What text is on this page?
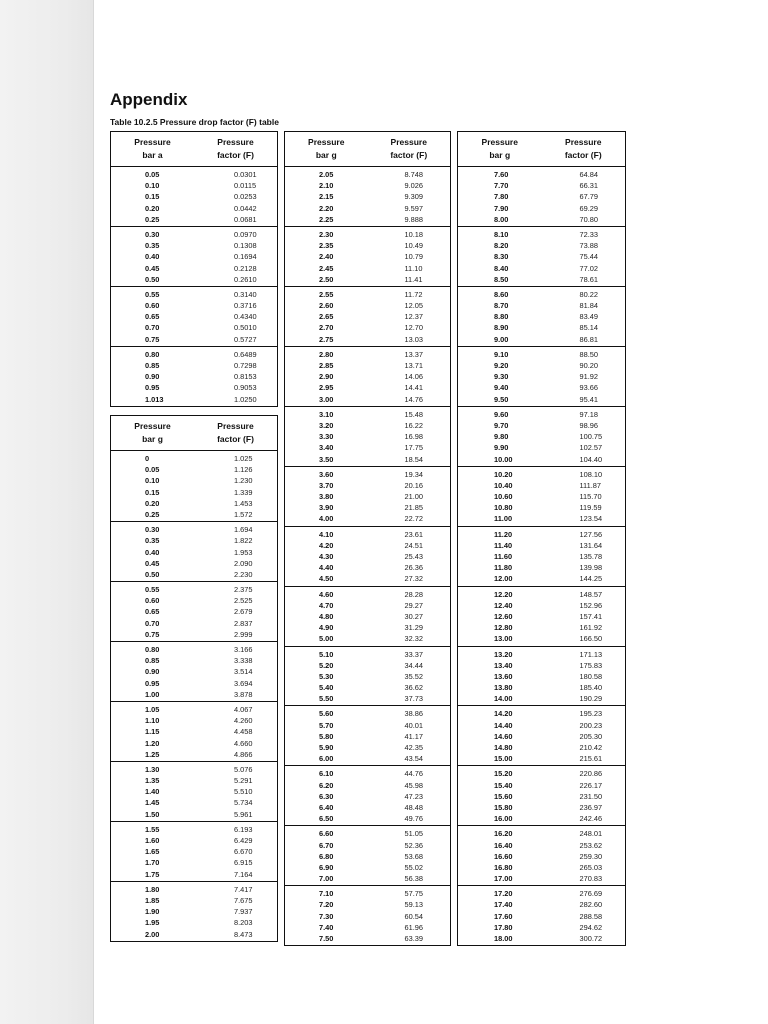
Appendix
Table 10.2.5 Pressure drop factor (F) table
Pressure
bar a
Pressure
factor (F)
0.05	0.0301
0.10	0.0115
0.15	0.0253
0.20	0.0442
0.25	0.0681
0.30	0.0970
0.35	0.1308
0.40	0.1694
0.45	0.2128
0.50	0.2610
0.55	0.3140
0.60	0.3716
0.65	0.4340
0.70	0.5010
0.75	0.5727
0.80	0.6489
0.85	0.7298
0.90	0.8153
0.95	0.9053
1.013	1.0250
Pressure
bar g
Pressure
factor (F)
0	1.025
0.05	1.126
0.10	1.230
0.15	1.339
0.20	1.453
0.25	1.572
0.30	1.694
0.35	1.822
0.40	1.953
0.45	2.090
0.50	2.230
0.55	2.375
0.60	2.525
0.65	2.679
0.70	2.837
0.75	2.999
0.80	3.166
0.85	3.338
0.90	3.514
0.95	3.694
1.00	3.878
1.05	4.067
1.10	4.260
1.15	4.458
1.20	4.660
1.25	4.866
1.30	5.076
1.35	5.291
1.40	5.510
1.45	5.734
1.50	5.961
1.55	6.193
1.60	6.429
1.65	6.670
1.70	6.915
1.75	7.164
1.80	7.417
1.85	7.675
1.90	7.937
1.95	8.203
2.00	8.473
Pressure
bar g
Pressure
factor (F)
2.05	8.748
2.10	9.026
2.15	9.309
2.20	9.597
2.25	9.888
2.30	10.18
2.35	10.49
2.40	10.79
2.45	11.10
2.50	11.41
2.55	11.72
2.60	12.05
2.65	12.37
2.70	12.70
2.75	13.03
2.80	13.37
2.85	13.71
2.90	14.06
2.95	14.41
3.00	14.76
3.10	15.48
3.20	16.22
3.30	16.98
3.40	17.75
3.50	18.54
3.60	19.34
3.70	20.16
3.80	21.00
3.90	21.85
4.00	22.72
4.10	23.61
4.20	24.51
4.30	25.43
4.40	26.36
4.50	27.32
4.60	28.28
4.70	29.27
4.80	30.27
4.90	31.29
5.00	32.32
5.10	33.37
5.20	34.44
5.30	35.52
5.40	36.62
5.50	37.73
5.60	38.86
5.70	40.01
5.80	41.17
5.90	42.35
6.00	43.54
6.10	44.76
6.20	45.98
6.30	47.23
6.40	48.48
6.50	49.76
6.60	51.05
6.70	52.36
6.80	53.68
6.90	55.02
7.00	56.38
7.10	57.75
7.20	59.13
7.30	60.54
7.40	61.96
7.50	63.39
Pressure
bar g
Pressure
factor (F)
7.60	64.84
7.70	66.31
7.80	67.79
7.90	69.29
8.00	70.80
8.10	72.33
8.20	73.88
8.30	75.44
8.40	77.02
8.50	78.61
8.60	80.22
8.70	81.84
8.80	83.49
8.90	85.14
9.00	86.81
9.10	88.50
9.20	90.20
9.30	91.92
9.40	93.66
9.50	95.41
9.60	97.18
9.70	98.96
9.80	100.75
9.90	102.57
10.00	104.40
10.20	108.10
10.40	111.87
10.60	115.70
10.80	119.59
11.00	123.54
11.20	127.56
11.40	131.64
11.60	135.78
11.80	139.98
12.00	144.25
12.20	148.57
12.40	152.96
12.60	157.41
12.80	161.92
13.00	166.50
13.20	171.13
13.40	175.83
13.60	180.58
13.80	185.40
14.00	190.29
14.20	195.23
14.40	200.23
14.60	205.30
14.80	210.42
15.00	215.61
15.20	220.86
15.40	226.17
15.60	231.50
15.80	236.97
16.00	242.46
16.20	248.01
16.40	253.62
16.60	259.30
16.80	265.03
17.00	270.83
17.20	276.69
17.40	282.60
17.60	288.58
17.80	294.62
18.00	300.72
